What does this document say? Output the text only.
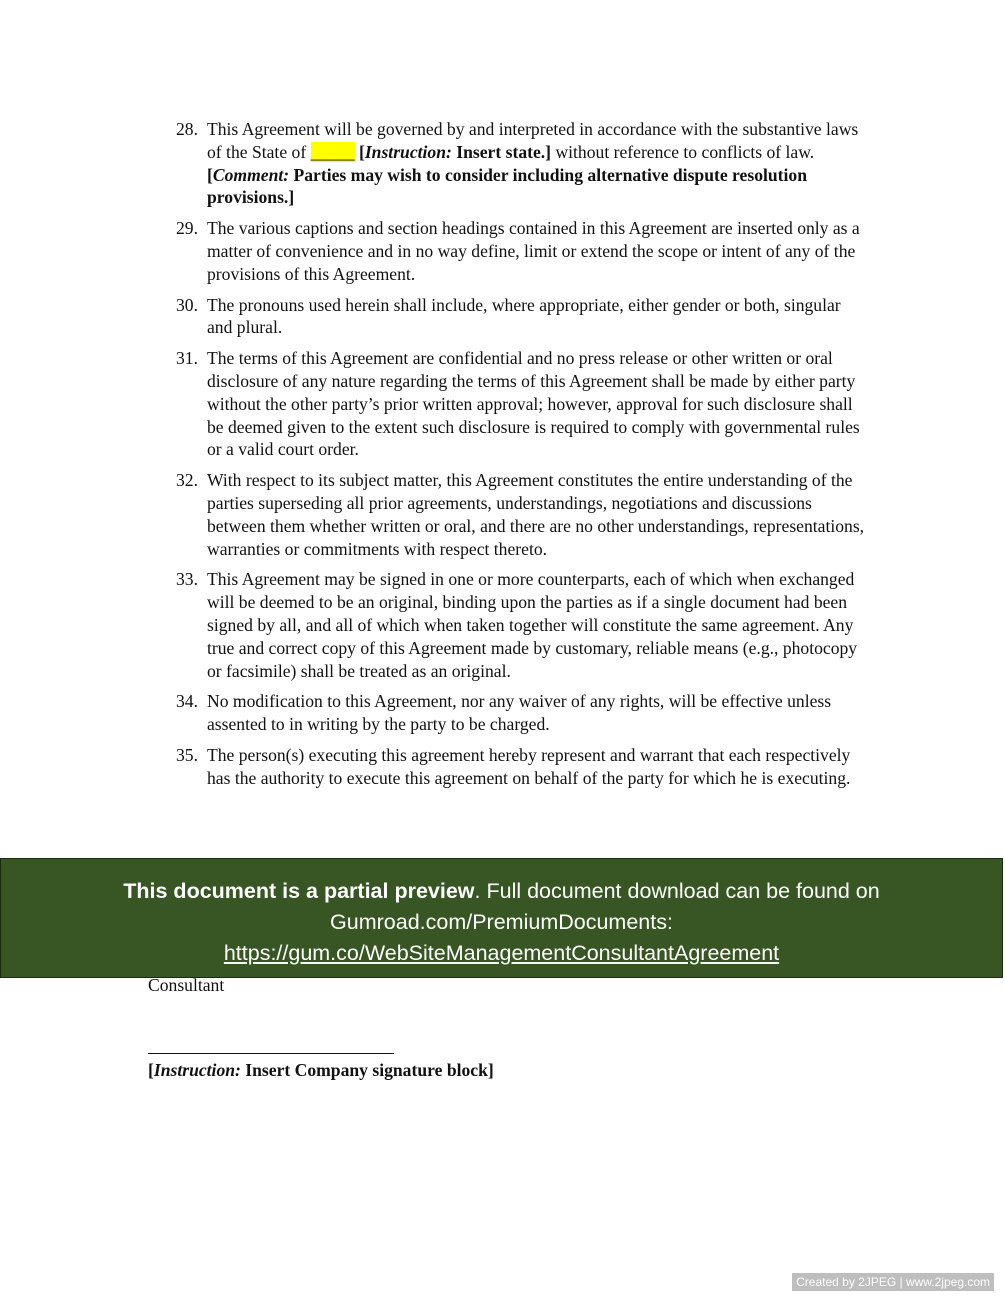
28. This Agreement will be governed by and interpreted in accordance with the substantive laws of the State of _____ [Instruction: Insert state.] without reference to conflicts of law. [Comment: Parties may wish to consider including alternative dispute resolution provisions.]
29. The various captions and section headings contained in this Agreement are inserted only as a matter of convenience and in no way define, limit or extend the scope or intent of any of the provisions of this Agreement.
30. The pronouns used herein shall include, where appropriate, either gender or both, singular and plural.
31. The terms of this Agreement are confidential and no press release or other written or oral disclosure of any nature regarding the terms of this Agreement shall be made by either party without the other party’s prior written approval; however, approval for such disclosure shall be deemed given to the extent such disclosure is required to comply with governmental rules or a valid court order.
32. With respect to its subject matter, this Agreement constitutes the entire understanding of the parties superseding all prior agreements, understandings, negotiations and discussions between them whether written or oral, and there are no other understandings, representations, warranties or commitments with respect thereto.
33. This Agreement may be signed in one or more counterparts, each of which when exchanged will be deemed to be an original, binding upon the parties as if a single document had been signed by all, and all of which when taken together will constitute the same agreement. Any true and correct copy of this Agreement made by customary, reliable means (e.g., photocopy or facsimile) shall be treated as an original.
34. No modification to this Agreement, nor any waiver of any rights, will be effective unless assented to in writing by the party to be charged.
35. The person(s) executing this agreement hereby represent and warrant that each respectively has the authority to execute this agreement on behalf of the party for which he is executing.
This document is a partial preview. Full document download can be found on
Gumroad.com/PremiumDocuments:
https://gum.co/WebSiteManagementConsultantAgreement
Consultant
[Instruction: Insert Company signature block]
Created by 2JPEG | www.2jpeg.com
